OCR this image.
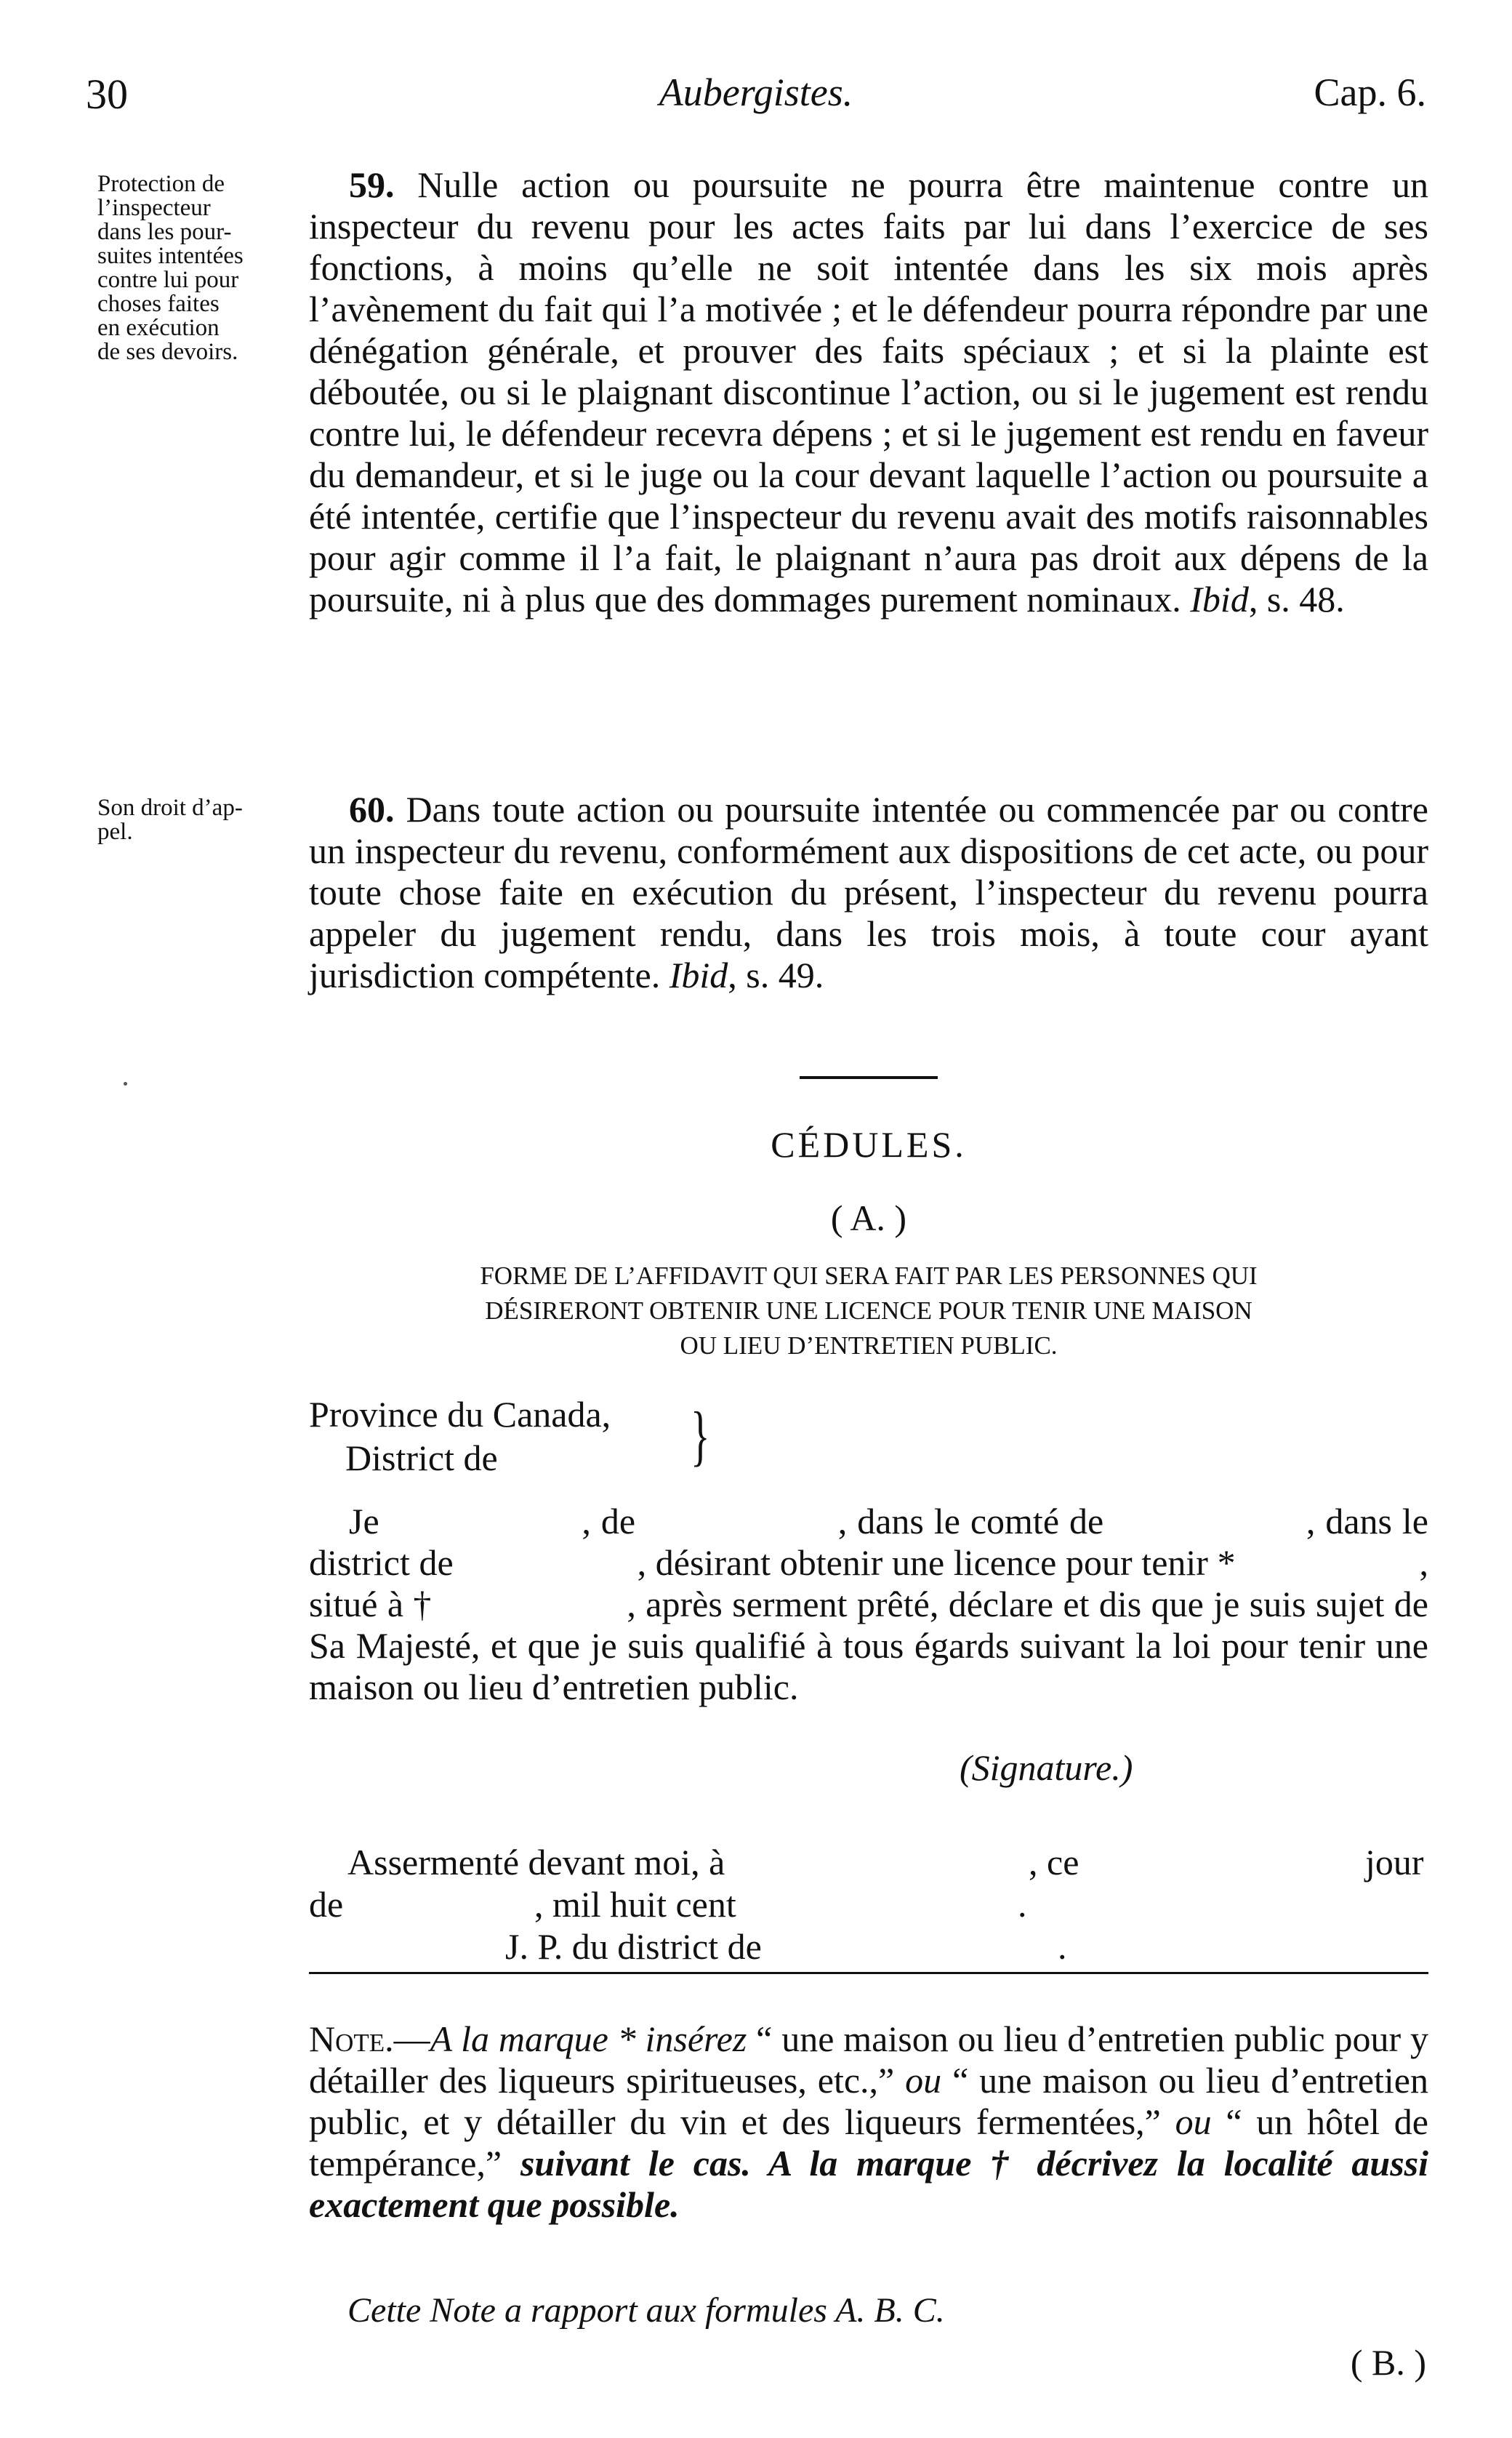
30	Aubergistes.	Cap. 6.
Protection de
l’inspecteur
dans les pour-
suites intentées
contre lui pour
choses faites
en exécution
de ses devoirs.

59. Nulle action ou poursuite ne pourra être maintenue contre un inspecteur du revenu pour les actes faits par lui dans l’exercice de ses fonctions, à moins qu’elle ne soit intentée dans les six mois après l’avènement du fait qui l’a motivée ; et le défendeur pourra répondre par une dénégation générale, et prouver des faits spéciaux ; et si la plainte est déboutée, ou si le plaignant discontinue l’action, ou si le jugement est rendu contre lui, le défendeur recevra dépens ; et si le jugement est rendu en faveur du demandeur, et si le juge ou la cour devant laquelle l’action ou poursuite a été intentée, certifie que l’inspecteur du revenu avait des motifs raisonnables pour agir comme il l’a fait, le plaignant n’aura pas droit aux dépens de la poursuite, ni à plus que des dommages purement nominaux. Ibid, s. 48.

Son droit d’ap-
pel.

60. Dans toute action ou poursuite intentée ou commencée par ou contre un inspecteur du revenu, conformément aux dispositions de cet acte, ou pour toute chose faite en exécution du présent, l’inspecteur du revenu pourra appeler du jugement rendu, dans les trois mois, à toute cour ayant jurisdiction compétente. Ibid, s. 49.

CÉDULES.
( A. )
FORME DE L’AFFIDAVIT QUI SERA FAIT PAR LES PERSONNES QUI
DÉSIRERONT OBTENIR UNE LICENCE POUR TENIR UNE MAISON
OU LIEU D’ENTRETIEN PUBLIC.
Province du Canada,
District de	}

Je                    , de                    , dans le comté de                    , dans le district de                    , désirant obtenir une licence pour tenir *                    , situé à †                    , après serment prêté, déclare et dis que je suis sujet de Sa Majesté, et que je suis qualifié à tous égards suivant la loi pour tenir une maison ou lieu d’entretien public.

(Signature.)
Assermenté devant moi, à	, ce	jour
de	, mil huit cent	.
J. P. du district de	.

Note.—A la marque * insérez “ une maison ou lieu d’entretien public pour y détailler des liqueurs spiritueuses, etc.,” ou “ une maison ou lieu d’entretien public, et y détailler du vin et des liqueurs fermentées,” ou “ un hôtel de tempérance,” suivant le cas. A la marque † décrivez la localité aussi exactement que possible.

Cette Note a rapport aux formules A. B. C.
( B. )
